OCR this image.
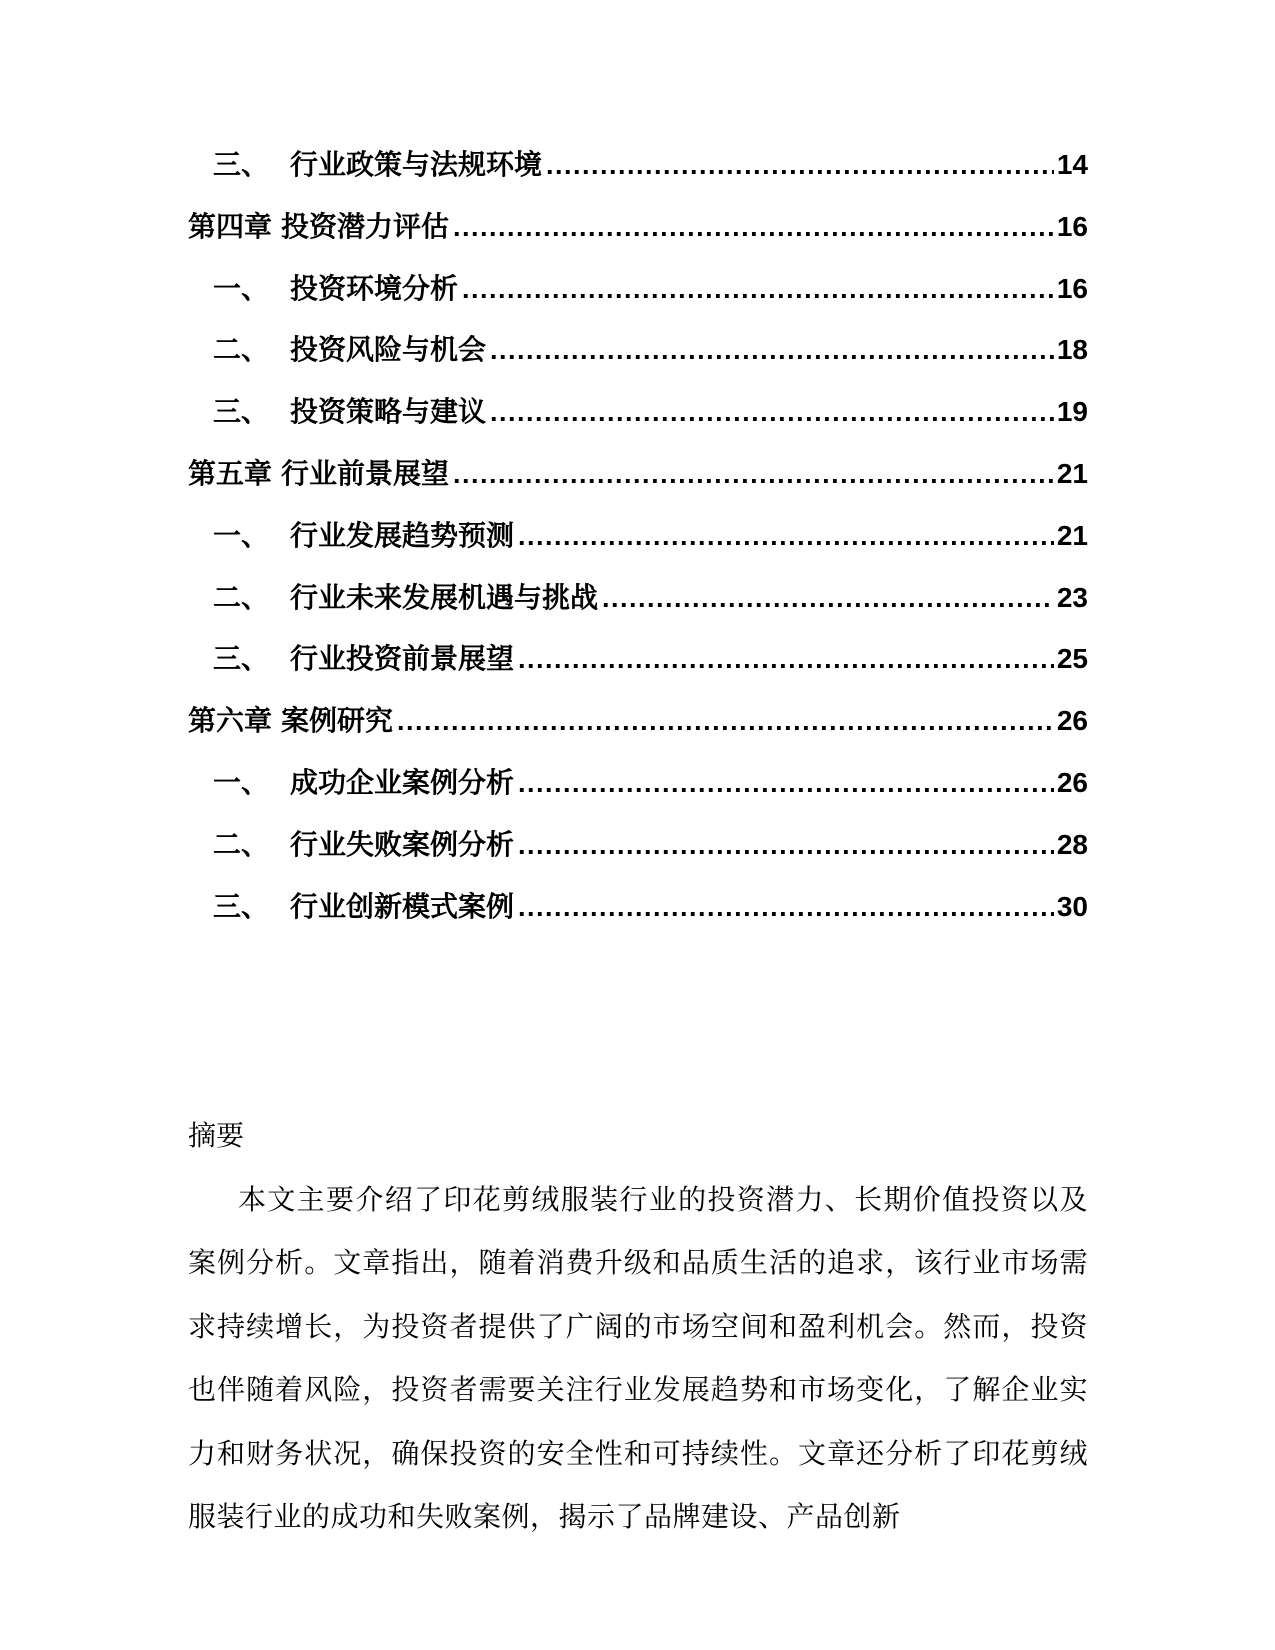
三、 行业政策与法规环境 .....	14
第四章 投资潜力评估 .....	16
一、 投资环境分析 .....	16
二、 投资风险与机会 .....	18
三、 投资策略与建议 .....	19
第五章 行业前景展望 .....	21
一、 行业发展趋势预测 .....	21
二、 行业未来发展机遇与挑战 .....	23
三、 行业投资前景展望 .....	25
第六章 案例研究 .....	26
一、 成功企业案例分析 .....	26
二、 行业失败案例分析 .....	28
三、 行业创新模式案例 .....	30

摘要

本文主要介绍了印花剪绒服装行业的投资潜力、长期价值投资以及案例分析。文章指出，随着消费升级和品质生活的追求，该行业市场需求持续增长，为投资者提供了广阔的市场空间和盈利机会。然而，投资也伴随着风险，投资者需要关注行业发展趋势和市场变化，了解企业实力和财务状况，确保投资的安全性和可持续性。文章还分析了印花剪绒服装行业的成功和失败案例，揭示了品牌建设、产品创新
